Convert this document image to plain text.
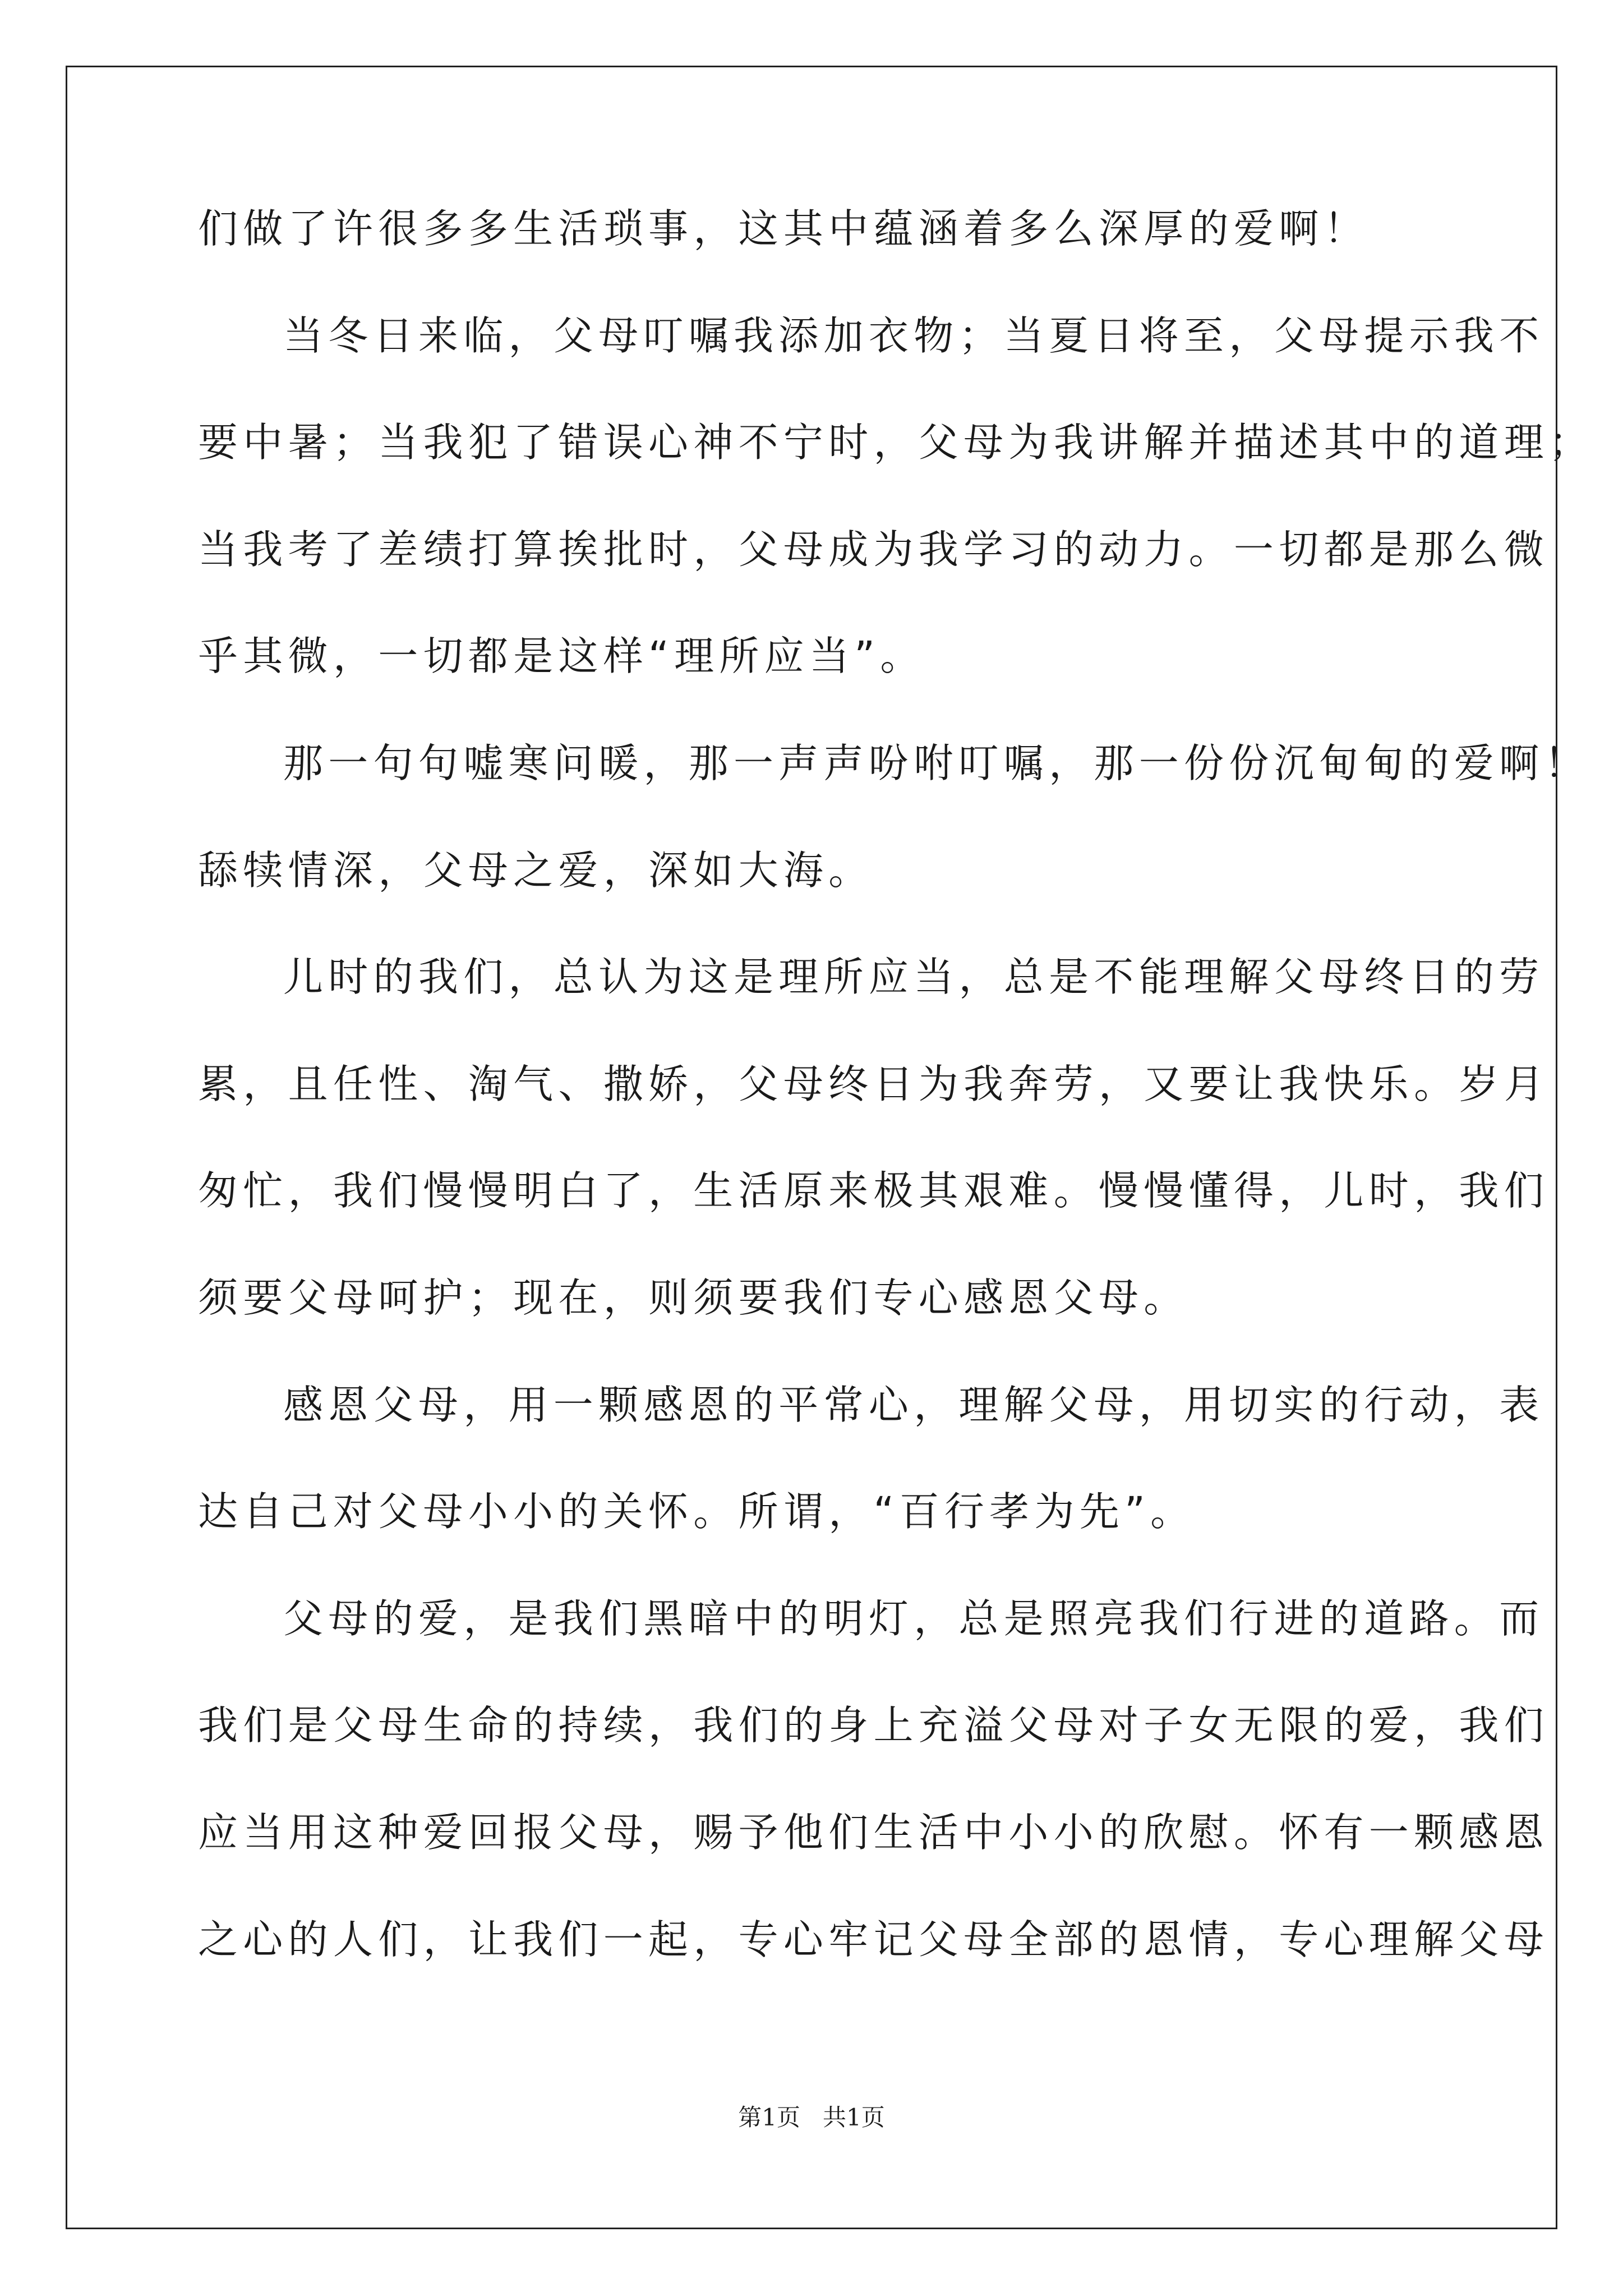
们做了许很多多生活琐事，这其中蕴涵着多么深厚的爱啊！
当冬日来临，父母叮嘱我添加衣物；当夏日将至，父母提示我不
要中暑；当我犯了错误心神不宁时，父母为我讲解并描述其中的道理；
当我考了差绩打算挨批时，父母成为我学习的动力。一切都是那么微
乎其微，一切都是这样“理所应当”。
那一句句嘘寒问暖，那一声声吩咐叮嘱，那一份份沉甸甸的爱啊！
舔犊情深，父母之爱，深如大海。
儿时的我们，总认为这是理所应当，总是不能理解父母终日的劳
累，且任性、淘气、撒娇，父母终日为我奔劳，又要让我快乐。岁月
匆忙，我们慢慢明白了，生活原来极其艰难。慢慢懂得，儿时，我们
须要父母呵护；现在，则须要我们专心感恩父母。
感恩父母，用一颗感恩的平常心，理解父母，用切实的行动，表
达自己对父母小小的关怀。所谓，“百行孝为先”。
父母的爱，是我们黑暗中的明灯，总是照亮我们行进的道路。而
我们是父母生命的持续，我们的身上充溢父母对子女无限的爱，我们
应当用这种爱回报父母，赐予他们生活中小小的欣慰。怀有一颗感恩
之心的人们，让我们一起，专心牢记父母全部的恩情，专心理解父母
第1页 共1页
